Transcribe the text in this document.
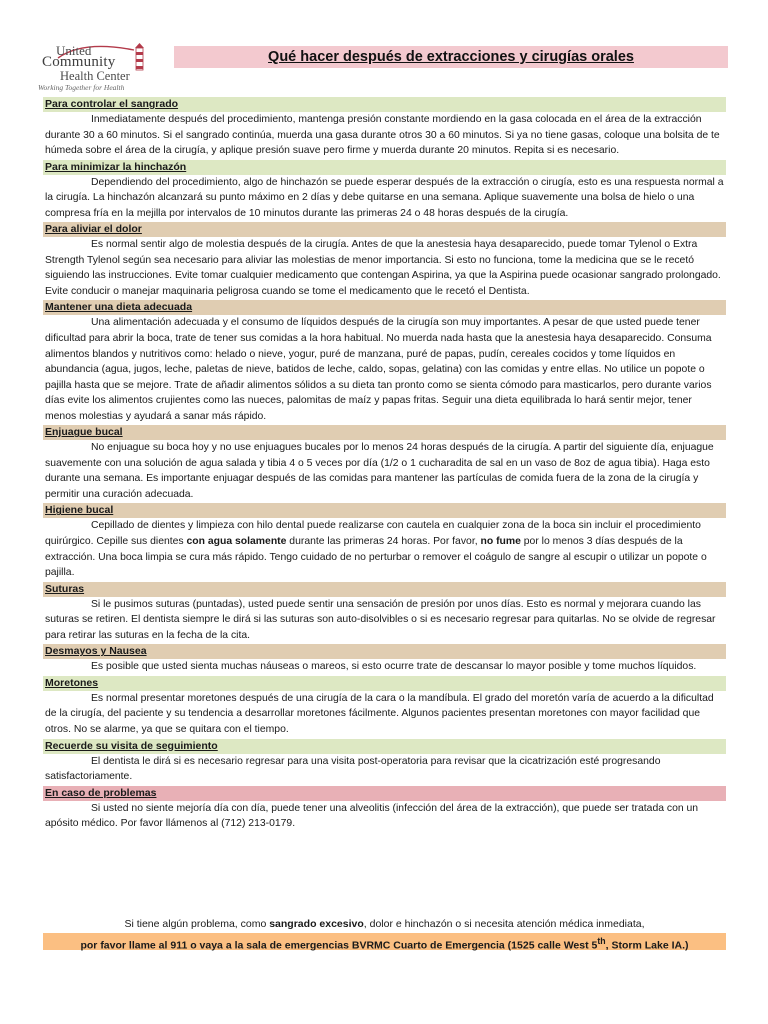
United
Community
Health Center
Working Together for Health
Qué hacer después de extracciones y cirugías orales
Para controlar el sangrado
Inmediatamente después del procedimiento, mantenga presión constante mordiendo en la gasa colocada en el área de la extracción durante 30 a 60 minutos. Si el sangrado continúa, muerda una gasa durante otros 30 a 60 minutos. Si ya no tiene gasas, coloque una bolsita de te húmeda sobre el área de la cirugía, y aplique presión suave pero firme y muerda durante 20 minutos. Repita si es necesario.
Para minimizar la hinchazón
Dependiendo del procedimiento, algo de hinchazón se puede esperar después de la extracción o cirugía, esto es una respuesta normal a la cirugía. La hinchazón alcanzará su punto máximo en 2 días y debe quitarse en una semana. Aplique suavemente una bolsa de hielo o una compresa fría en la mejilla por intervalos de 10 minutos durante las primeras 24 o 48 horas después de la cirugía.
Para aliviar el dolor
Es normal sentir algo de molestia después de la cirugía. Antes de que la anestesia haya desaparecido, puede tomar Tylenol o Extra Strength Tylenol según sea necesario para aliviar las molestias de menor importancia. Si esto no funciona, tome la medicina que se le recetó siguiendo las instrucciones. Evite tomar cualquier medicamento que contengan Aspirina, ya que la Aspirina puede ocasionar sangrado prolongado. Evite conducir o manejar maquinaria peligrosa cuando se tome el medicamento que le recetó el Dentista.
Mantener una dieta adecuada
Una alimentación adecuada y el consumo de líquidos después de la cirugía son muy importantes. A pesar de que usted puede tener dificultad para abrir la boca, trate de tener sus comidas a la hora habitual. No muerda nada hasta que la anestesia haya desaparecido. Consuma alimentos blandos y nutritivos como: helado o nieve, yogur, puré de manzana, puré de papas, pudín, cereales cocidos y tome líquidos en abundancia (agua, jugos, leche, paletas de nieve, batidos de leche, caldo, sopas, gelatina) con las comidas y entre ellas. No utilice un popote o pajilla hasta que se mejore. Trate de añadir alimentos sólidos a su dieta tan pronto como se sienta cómodo para masticarlos, pero durante varios días evite los alimentos crujientes como las nueces, palomitas de maíz y papas fritas. Seguir una dieta equilibrada lo hará sentir mejor, tener menos molestias y ayudará a sanar más rápido.
Enjuague bucal
No enjuague su boca hoy y no use enjuagues bucales por lo menos 24 horas después de la cirugía. A partir del siguiente día, enjuague suavemente con una solución de agua salada y tibia 4 o 5 veces por día (1/2 o 1 cucharadita de sal en un vaso de 8oz de agua tibia). Haga esto durante una semana. Es importante enjuagar después de las comidas para mantener las partículas de comida fuera de la zona de la cirugía y permitir una curación adecuada.
Higiene bucal
Cepillado de dientes y limpieza con hilo dental puede realizarse con cautela en cualquier zona de la boca sin incluir el procedimiento quirúrgico. Cepille sus dientes con agua solamente durante las primeras 24 horas. Por favor, no fume por lo menos 3 días después de la extracción. Una boca limpia se cura más rápido. Tengo cuidado de no perturbar o remover el coágulo de sangre al escupir o utilizar un popote o pajilla.
Suturas
Si le pusimos suturas (puntadas), usted puede sentir una sensación de presión por unos días. Esto es normal y mejorara cuando las suturas se retiren. El dentista siempre le dirá si las suturas son auto-disolvibles o si es necesario regresar para quitarlas. No se olvide de regresar para retirar las suturas en la fecha de la cita.
Desmayos y Nausea
Es posible que usted sienta muchas náuseas o mareos, si esto ocurre trate de descansar lo mayor posible y tome muchos líquidos.
Moretones
Es normal presentar moretones después de una cirugía de la cara o la mandíbula. El grado del moretón varía de acuerdo a la dificultad de la cirugía, del paciente y su tendencia a desarrollar moretones fácilmente. Algunos pacientes presentan moretones con mayor facilidad que otros. No se alarme, ya que se quitara con el tiempo.
Recuerde su visita de seguimiento
El dentista le dirá si es necesario regresar para una visita post-operatoria para revisar que la cicatrización esté progresando satisfactoriamente.
En caso de problemas
Si usted no siente mejoría día con día, puede tener una alveolitis (infección del área de la extracción), que puede ser tratada con un apósito médico. Por favor llámenos al (712) 213-0179.
Si tiene algún problema, como sangrado excesivo, dolor e hinchazón o si necesita atención médica inmediata,
por favor llame al 911 o vaya a la sala de emergencias BVRMC Cuarto de Emergencia (1525 calle West 5th, Storm Lake IA.)
